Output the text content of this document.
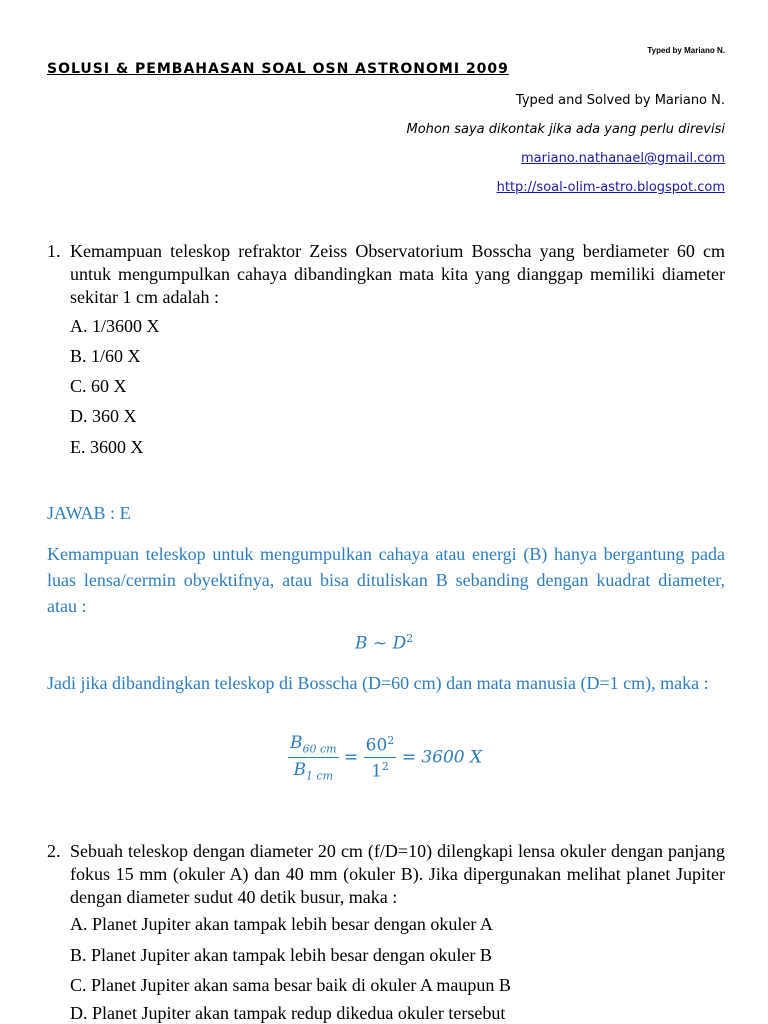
Typed by Mariano N.
SOLUSI & PEMBAHASAN SOAL OSN ASTRONOMI 2009
Typed and Solved by Mariano N.
Mohon saya dikontak jika ada yang perlu direvisi
mariano.nathanael@gmail.com
http://soal-olim-astro.blogspot.com
1. Kemampuan teleskop refraktor Zeiss Observatorium Bosscha yang berdiameter 60 cm untuk mengumpulkan cahaya dibandingkan mata kita yang dianggap memiliki diameter sekitar 1 cm adalah :
A. 1/3600 X
B. 1/60 X
C. 60 X
D. 360 X
E. 3600 X
JAWAB : E
Kemampuan teleskop untuk mengumpulkan cahaya atau energi (B) hanya bergantung pada luas lensa/cermin obyektifnya, atau bisa dituliskan B sebanding dengan kuadrat diameter, atau :
B ~ $D^2$
Jadi jika dibandingkan teleskop di Bosscha (D=60 cm) dan mata manusia (D=1 cm), maka :
$\frac{B_{60 cm}}{B_{1 cm}} = \frac{60^2}{1^2} = 3600$ X
2. Sebuah teleskop dengan diameter 20 cm (f/D=10) dilengkapi lensa okuler dengan panjang fokus 15 mm (okuler A) dan 40 mm (okuler B). Jika dipergunakan melihat planet Jupiter dengan diameter sudut 40 detik busur, maka :
A. Planet Jupiter akan tampak lebih besar dengan okuler A
B. Planet Jupiter akan tampak lebih besar dengan okuler B
C. Planet Jupiter akan sama besar baik di okuler A maupun B
D. Planet Jupiter akan tampak redup dikedua okuler tersebut
